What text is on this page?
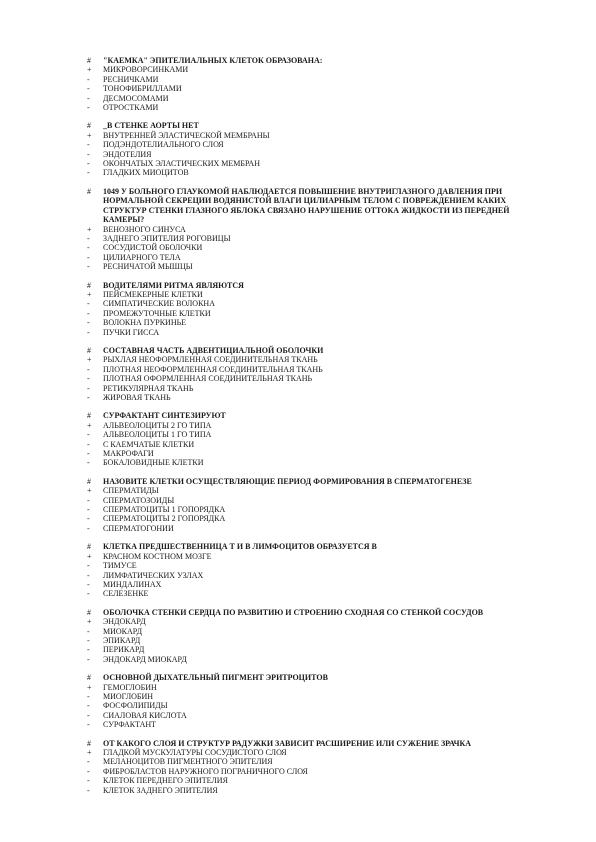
#	"КАЕМКА" ЭПИТЕЛИАЛЬНЫХ КЛЕТОК ОБРАЗОВАНА:
+	МИКРОВОРСИНКАМИ
-	РЕСНИЧКАМИ
-	ТОНОФИБРИЛЛАМИ
-	ДЕСМОСОМАМИ
-	ОТРОСТКАМИ
#	_В СТЕНКЕ АОРТЫ НЕТ
+	ВНУТРЕННЕЙ ЭЛАСТИЧЕСКОЙ МЕМБРАНЫ
-	ПОДЭНДОТЕЛИАЛЬНОГО СЛОЯ
-	ЭНДОТЕЛИЯ
-	ОКОНЧАТЫХ ЭЛАСТИЧЕСКИХ МЕМБРАН
-	ГЛАДКИХ МИОЦИТОВ
#	1049 У БОЛЬНОГО ГЛАУКОМОЙ НАБЛЮДАЕТСЯ ПОВЫШЕНИЕ ВНУТРИГЛАЗНОГО ДАВЛЕНИЯ ПРИ НОРМАЛЬНОЙ СЕКРЕЦИИ ВОДЯНИСТОЙ ВЛАГИ ЦИЛИАРНЫМ ТЕЛОМ С ПОВРЕЖДЕНИЕМ КАКИХ СТРУКТУР СТЕНКИ ГЛАЗНОГО ЯБЛОКА СВЯЗАНО НАРУШЕНИЕ ОТТОКА ЖИДКОСТИ ИЗ ПЕРЕДНЕЙ КАМЕРЫ?
+	ВЕНОЗНОГО СИНУСА
-	ЗАДНЕГО ЭПИТЕЛИЯ РОГОВИЦЫ
-	СОСУДИСТОЙ ОБОЛОЧКИ
-	ЦИЛИАРНОГО ТЕЛА
-	РЕСНИЧАТОЙ МЫШЦЫ
#	ВОДИТЕЛЯМИ РИТМА ЯВЛЯЮТСЯ
+	ПЕЙСМЕКЕРНЫЕ КЛЕТКИ
-	СИМПАТИЧЕСКИЕ ВОЛОКНА
-	ПРОМЕЖУТОЧНЫЕ КЛЕТКИ
-	ВОЛОКНА ПУРКИНЬЕ
-	ПУЧКИ ГИССА
#	СОСТАВНАЯ ЧАСТЬ АДВЕНТИЦИАЛЬНОЙ ОБОЛОЧКИ
+	РЫХЛАЯ НЕОФОРМЛЕННАЯ СОЕДИНИТЕЛЬНАЯ ТКАНЬ
-	ПЛОТНАЯ НЕОФОРМЛЕННАЯ СОЕДИНИТЕЛЬНАЯ ТКАНЬ
-	ПЛОТНАЯ ОФОРМЛЕННАЯ СОЕДИНИТЕЛЬНАЯ ТКАНЬ
-	РЕТИКУЛЯРНАЯ ТКАНЬ
-	ЖИРОВАЯ ТКАНЬ
#	СУРФАКТАНТ СИНТЕЗИРУЮТ
+	АЛЬВЕОЛОЦИТЫ 2 ГО ТИПА
-	АЛЬВЕОЛОЦИТЫ 1 ГО ТИПА
-	С КАЕМЧАТЫЕ КЛЕТКИ
-	МАКРОФАГИ
-	БОКАЛОВИДНЫЕ КЛЕТКИ
#	НАЗОВИТЕ КЛЕТКИ ОСУЩЕСТВЛЯЮЩИЕ ПЕРИОД ФОРМИРОВАНИЯ В СПЕРМАТОГЕНЕЗЕ
+	СПЕРМАТИДЫ
-	СПЕРМАТОЗОИДЫ
-	СПЕРМАТОЦИТЫ 1 ГОПОРЯДКА
-	СПЕРМАТОЦИТЫ 2 ГОПОРЯДКА
-	СПЕРМАТОГОНИИ
#	КЛЕТКА ПРЕДШЕСТВЕННИЦА Т И В ЛИМФОЦИТОВ ОБРАЗУЕТСЯ В
+	КРАСНОМ КОСТНОМ МОЗГЕ
-	ТИМУСЕ
-	ЛИМФАТИЧЕСКИХ УЗЛАХ
-	МИНДАЛИНАХ
-	СЕЛЕЗЕНКЕ
#	ОБОЛОЧКА СТЕНКИ СЕРДЦА ПО РАЗВИТИЮ И СТРОЕНИЮ СХОДНАЯ СО СТЕНКОЙ СОСУДОВ
+	ЭНДОКАРД
-	МИОКАРД
-	ЭПИКАРД
-	ПЕРИКАРД
-	ЭНДОКАРД МИОКАРД
#	ОСНОВНОЙ ДЫХАТЕЛЬНЫЙ ПИГМЕНТ ЭРИТРОЦИТОВ
+	ГЕМОГЛОБИН
-	МИОГЛОБИН
-	ФОСФОЛИПИДЫ
-	СИАЛОВАЯ КИСЛОТА
-	СУРФАКТАНТ
#	ОТ КАКОГО СЛОЯ И СТРУКТУР РАДУЖКИ ЗАВИСИТ РАСШИРЕНИЕ ИЛИ СУЖЕНИЕ ЗРАЧКА
+	ГЛАДКОЙ МУСКУЛАТУРЫ СОСУДИСТОГО СЛОЯ
-	МЕЛАНОЦИТОВ ПИГМЕНТНОГО ЭПИТЕЛИЯ
-	ФИБРОБЛАСТОВ НАРУЖНОГО ПОГРАНИЧНОГО СЛОЯ
-	КЛЕТОК ПЕРЕДНЕГО ЭПИТЕЛИЯ
-	КЛЕТОК ЗАДНЕГО ЭПИТЕЛИЯ
